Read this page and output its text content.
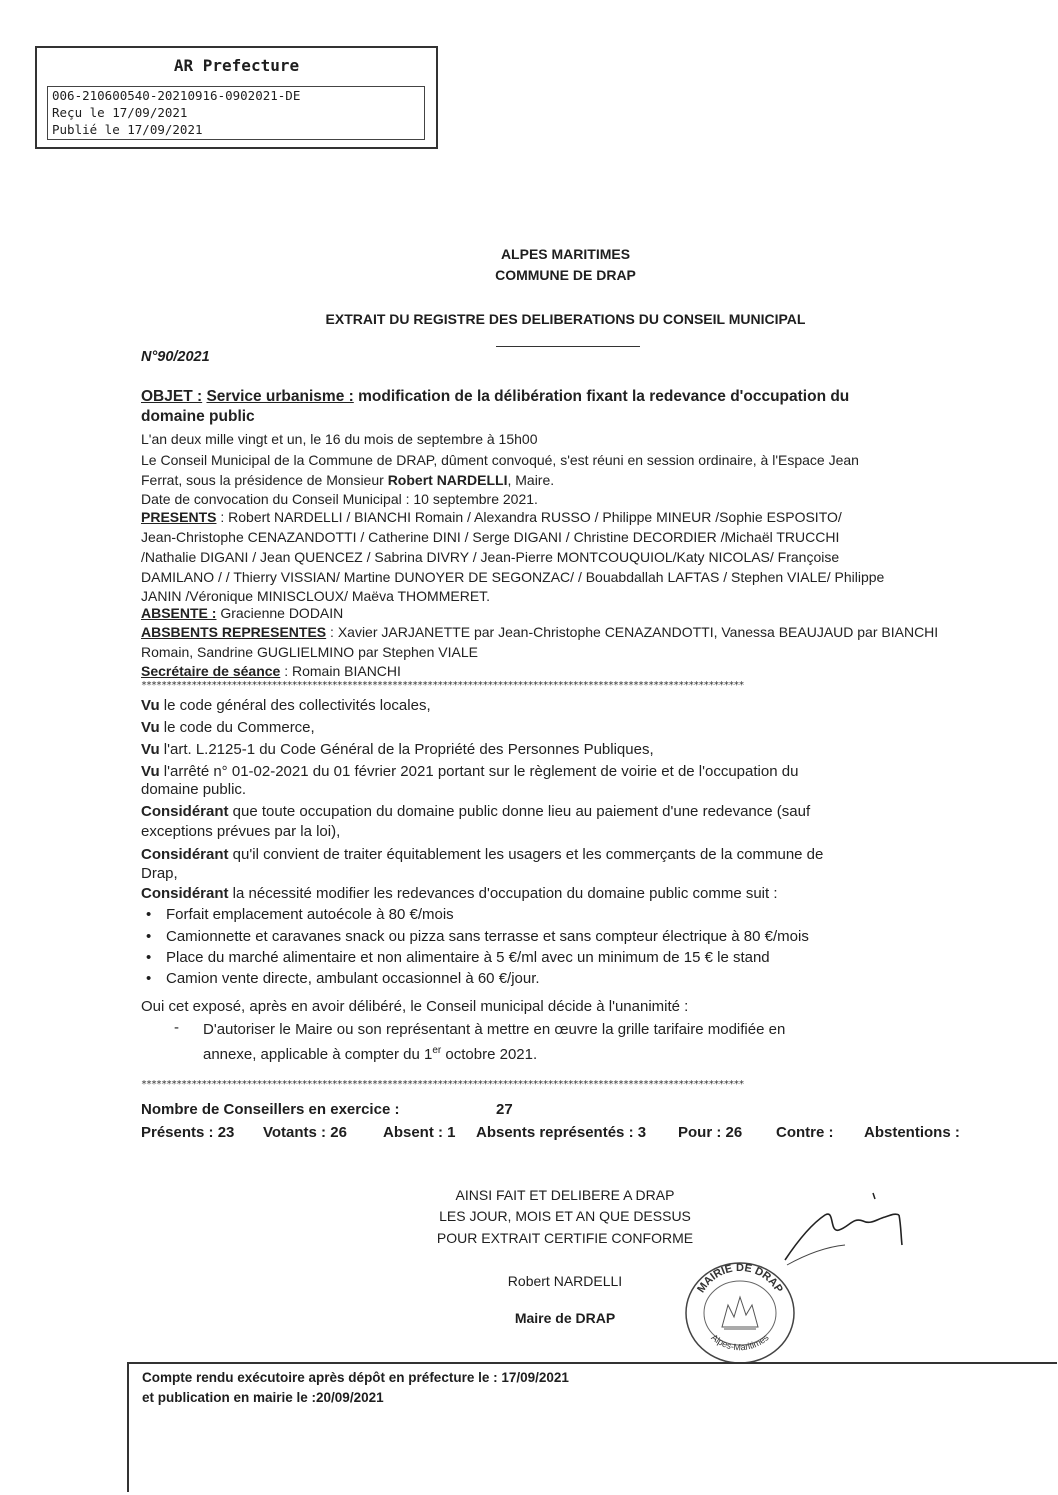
AR Prefecture
006-210600540-20210916-0902021-DE
Reçu le 17/09/2021
Publié le 17/09/2021
ALPES MARITIMES
COMMUNE DE DRAP
EXTRAIT DU REGISTRE DES DELIBERATIONS DU CONSEIL MUNICIPAL
N°90/2021
OBJET : Service urbanisme : modification de la délibération fixant la redevance d'occupation du
domaine public
L'an deux mille vingt et un, le 16 du mois de septembre à 15h00
Le Conseil Municipal de la Commune de DRAP, dûment convoqué, s'est réuni en session ordinaire, à l'Espace Jean
Ferrat, sous la présidence de Monsieur Robert NARDELLI, Maire.
Date de convocation du Conseil Municipal : 10 septembre 2021.
PRESENTS : Robert NARDELLI / BIANCHI Romain / Alexandra RUSSO / Philippe MINEUR /Sophie ESPOSITO/
Jean-Christophe CENAZANDOTTI / Catherine DINI / Serge DIGANI / Christine DECORDIER /Michaël TRUCCHI
/Nathalie DIGANI / Jean QUENCEZ / Sabrina DIVRY / Jean-Pierre MONTCOUQUIOL/Katy NICOLAS/ Françoise
DAMILANO / / Thierry VISSIAN/ Martine DUNOYER DE SEGONZAC/ / Bouabdallah LAFTAS / Stephen VIALE/ Philippe
JANIN /Véronique MINISCLOUX/ Maëva THOMMERET.
ABSENTE : Gracienne DODAIN
ABSBENTS REPRESENTES : Xavier JARJANETTE par Jean-Christophe CENAZANDOTTI, Vanessa BEAUJAUD par BIANCHI
Romain, Sandrine GUGLIELMINO par Stephen VIALE
Secrétaire de séance : Romain BIANCHI
************************************************************************************************************************
Vu le code général des collectivités locales,
Vu le code du Commerce,
Vu l'art. L.2125-1 du Code Général de la Propriété des Personnes Publiques,
Vu l'arrêté n° 01-02-2021 du 01 février 2021 portant sur le règlement de voirie et de l'occupation du
domaine public.
Considérant que toute occupation du domaine public donne lieu au paiement d'une redevance (sauf
exceptions prévues par la loi),
Considérant qu'il convient de traiter équitablement les usagers et les commerçants de la commune de
Drap,
Considérant la nécessité modifier les redevances d'occupation du domaine public comme suit :
• Forfait emplacement autoécole à 80 €/mois
• Camionnette et caravanes snack ou pizza sans terrasse et sans compteur électrique à 80 €/mois
• Place du marché alimentaire et non alimentaire à 5 €/ml avec un minimum de 15 € le stand
• Camion vente directe, ambulant occasionnel à 60 €/jour.
Oui cet exposé, après en avoir délibéré, le Conseil municipal décide à l'unanimité :
- D'autoriser le Maire ou son représentant à mettre en œuvre la grille tarifaire modifiée en
annexe, applicable à compter du 1er octobre 2021.
************************************************************************************************************************
Nombre de Conseillers en exercice :	27
Présents : 23 Votants : 26 Absent : 1 Absents représentés : 3 Pour : 26 Contre : Abstentions :
AINSI FAIT ET DELIBERE A DRAP
LES JOUR, MOIS ET AN QUE DESSUS
POUR EXTRAIT CERTIFIE CONFORME
Robert NARDELLI
Maire de DRAP
MAIRIE DE DRAP
Alpes-Maritimes
Compte rendu exécutoire après dépôt en préfecture le : 17/09/2021
et publication en mairie le :20/09/2021
